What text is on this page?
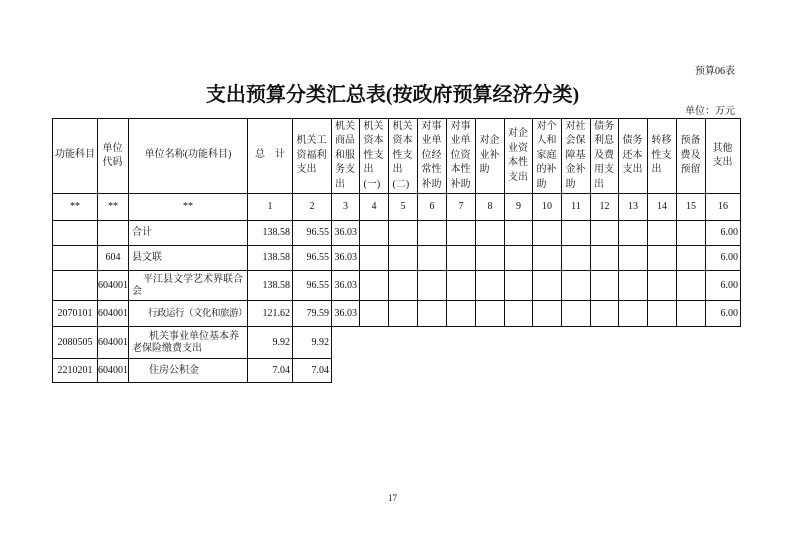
预算06表
支出预算分类汇总表(按政府预算经济分类)
单位：万元
功能科目	单位代码	单位名称(功能科目)	总　计	机关工资福利支出	机关商品和服务支出	机关资本性支出(一)	机关资本性支出(二)	对事业单位经常性补助	对事业单位资本性补助	对企业补助	对企业资本性支出	对个人和家庭的补助	对社会保障基金补助	债务利息及费用支出	债务还本支出	转移性支出	预备费及预留	其他支出
**	**	**	1	2	3	4	5	6	7	8	9	10	11	12	13	14	15	16
		合计	138.58	96.55	36.03													6.00
	604	县文联	138.58	96.55	36.03													6.00
	604001	平江县文学艺术界联合会	138.58	96.55	36.03													6.00
2070101	604001	行政运行（文化和旅游）	121.62	79.59	36.03													6.00
2080505	604001	机关事业单位基本养老保险缴费支出	9.92	9.92														
2210201	604001	住房公积金	7.04	7.04														
17
